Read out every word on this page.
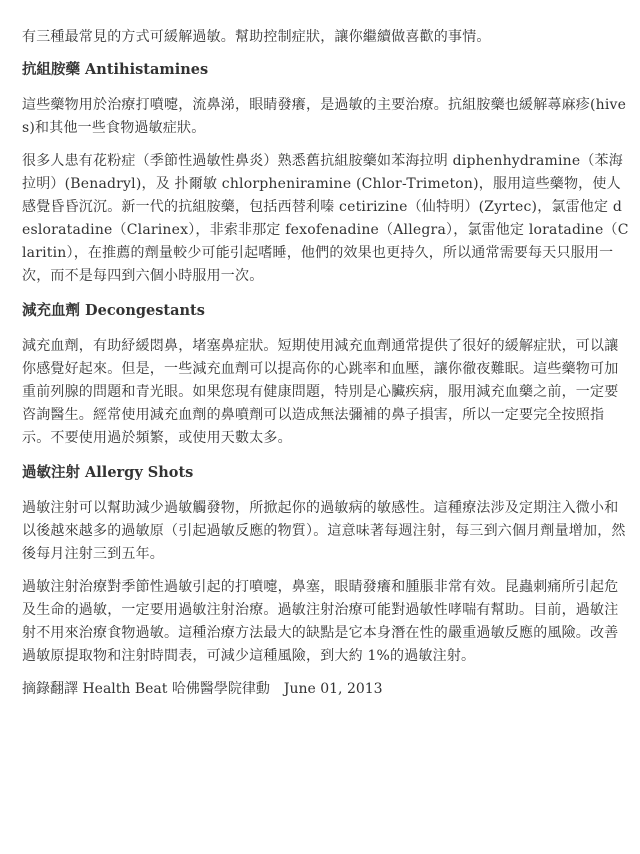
有三種最常見的方式可緩解過敏。幫助控制症狀，讓你繼續做喜歡的事情。

抗組胺藥 Antihistamines

這些藥物用於治療打噴嚏，流鼻涕，眼睛發癢，是過敏的主要治療。抗組胺藥也緩解蕁麻疹(hives)和其他一些食物過敏症狀。

很多人患有花粉症（季節性過敏性鼻炎）熟悉舊抗組胺藥如苯海拉明 diphenhydramine（苯海拉明）(Benadryl)，及 扑爾敏 chlorpheniramine (Chlor-Trimeton)，服用這些藥物，使人感覺昏昏沉沉。新一代的抗組胺藥，包括西替利嗪 cetirizine（仙特明）(Zyrtec)，氯雷他定 desloratadine（Clarinex），非索非那定 fexofenadine（Allegra），氯雷他定 loratadine（Claritin），在推薦的劑量較少可能引起嗜睡，他們的效果也更持久，所以通常需要每天只服用一次，而不是每四到六個小時服用一次。

減充血劑 Decongestants

減充血劑，有助紓緩悶鼻，堵塞鼻症狀。短期使用減充血劑通常提供了很好的緩解症狀，可以讓你感覺好起來。但是，一些減充血劑可以提高你的心跳率和血壓，讓你徹夜難眠。這些藥物可加重前列腺的問題和青光眼。如果您現有健康問題，特別是心臟疾病，服用減充血藥之前，一定要咨詢醫生。經常使用減充血劑的鼻噴劑可以造成無法彌補的鼻子損害，所以一定要完全按照指示。不要使用過於頻繁，或使用天數太多。

過敏注射 Allergy Shots

過敏注射可以幫助減少過敏觸發物，所掀起你的過敏病的敏感性。這種療法涉及定期注入微小和以後越來越多的過敏原（引起過敏反應的物質）。這意味著每週注射，每三到六個月劑量增加，然後每月注射三到五年。

過敏注射治療對季節性過敏引起的打噴嚏，鼻塞，眼睛發癢和腫脹非常有效。昆蟲刺痛所引起危及生命的過敏，一定要用過敏注射治療。過敏注射治療可能對過敏性哮喘有幫助。目前，過敏注射不用來治療食物過敏。這種治療方法最大的缺點是它本身潛在性的嚴重過敏反應的風險。改善過敏原提取物和注射時間表，可減少這種風險，到大約 1%的過敏注射。

摘錄翻譯 Health Beat 哈佛醫學院律動　June 01, 2013
